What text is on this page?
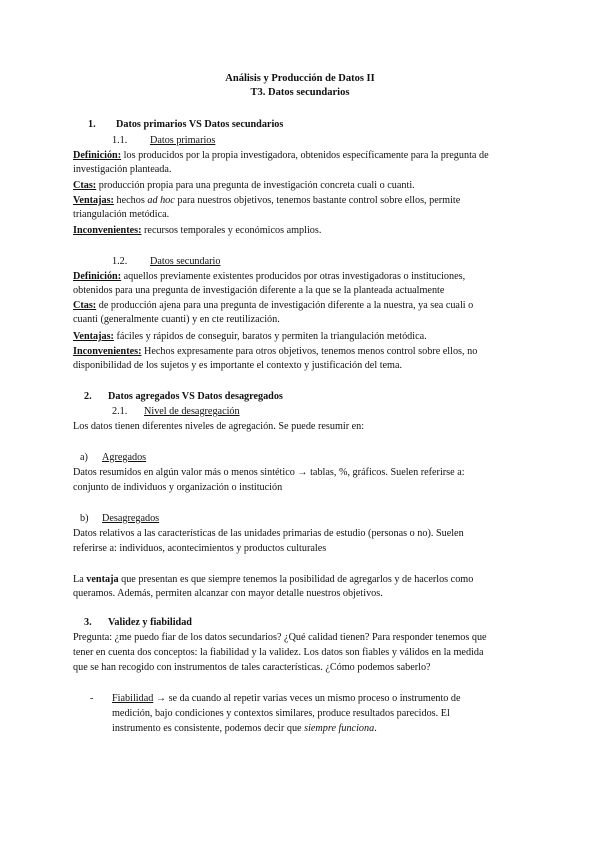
Análisis y Producción de Datos II
T3. Datos secundarios
1. Datos primarios VS Datos secundarios
1.1. Datos primarios
Definición: los producidos por la propia investigadora, obtenidos específicamente para la pregunta de
investigación planteada.
Ctas: producción propia para una pregunta de investigación concreta cuali o cuanti.
Ventajas: hechos ad hoc para nuestros objetivos, tenemos bastante control sobre ellos, permite
triangulación metódica.
Inconvenientes: recursos temporales y económicos amplios.
1.2. Datos secundario
Definición: aquellos previamente existentes producidos por otras investigadoras o instituciones,
obtenidos para una pregunta de investigación diferente a la que se la planteada actualmente
Ctas: de producción ajena para una pregunta de investigación diferente a la nuestra, ya sea cuali o
cuanti (generalmente cuanti) y en cte reutilización.
Ventajas: fáciles y rápidos de conseguir, baratos y permiten la triangulación metódica.
Inconvenientes: Hechos expresamente para otros objetivos, tenemos menos control sobre ellos, no
disponibilidad de los sujetos y es importante el contexto y justificación del tema.
2. Datos agregados VS Datos desagregados
2.1. Nivel de desagregación
Los datos tienen diferentes niveles de agregación. Se puede resumir en:
a) Agregados
Datos resumidos en algún valor más o menos sintético → tablas, %, gráficos. Suelen referirse a:
conjunto de individuos y organización o institución
b) Desagregados
Datos relativos a las características de las unidades primarias de estudio (personas o no). Suelen
referirse a: individuos, acontecimientos y productos culturales
La ventaja que presentan es que siempre tenemos la posibilidad de agregarlos y de hacerlos como
queramos. Además, permiten alcanzar con mayor detalle nuestros objetivos.
3. Validez y fiabilidad
Pregunta: ¿me puedo fiar de los datos secundarios? ¿Qué calidad tienen? Para responder tenemos que
tener en cuenta dos conceptos: la fiabilidad y la validez. Los datos son fiables y válidos en la medida
que se han recogido con instrumentos de tales características. ¿Cómo podemos saberlo?
- Fiabilidad → se da cuando al repetir varias veces un mismo proceso o instrumento de
medición, bajo condiciones y contextos similares, produce resultados parecidos. El
instrumento es consistente, podemos decir que siempre funciona.
